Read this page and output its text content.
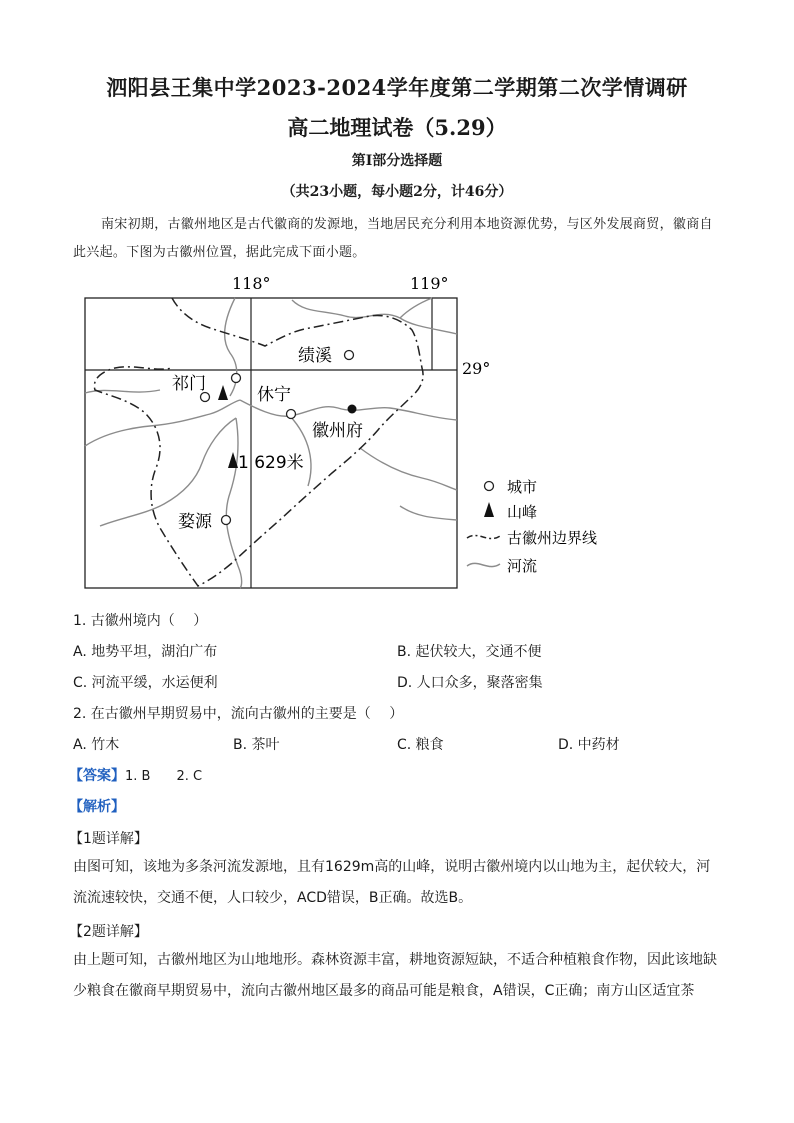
泗阳县王集中学2023-2024学年度第二学期第二次学情调研
高二地理试卷（5.29）
第Ⅰ部分选择题
（共23小题，每小题2分，计46分）
南宋初期，古徽州地区是古代徽商的发源地，当地居民充分利用本地资源优势，与区外发展商贸，徽商自此兴起。下图为古徽州位置，据此完成下面小题。
118°	119°
29°
绩溪
祁门
休宁
徽州府
1 629米
婺源
城市
山峰
古徽州边界线
河流
1. 古徽州境内（　 ）
A. 地势平坦，湖泊广布	B. 起伏较大，交通不便
C. 河流平缓，水运便利	D. 人口众多，聚落密集
2. 在古徽州早期贸易中，流向古徽州的主要是（　 ）
A. 竹木	B. 茶叶	C. 粮食	D. 中药材
【答案】1. B　　2. C
【解析】
【1题详解】
由图可知，该地为多条河流发源地，且有1629m高的山峰，说明古徽州境内以山地为主，起伏较大，河流流速较快，交通不便，人口较少，ACD错误，B正确。故选B。
【2题详解】
由上题可知，古徽州地区为山地地形。森林资源丰富，耕地资源短缺，不适合种植粮食作物，因此该地缺少粮食在徽商早期贸易中，流向古徽州地区最多的商品可能是粮食，A错误，C正确；南方山区适宜茶
